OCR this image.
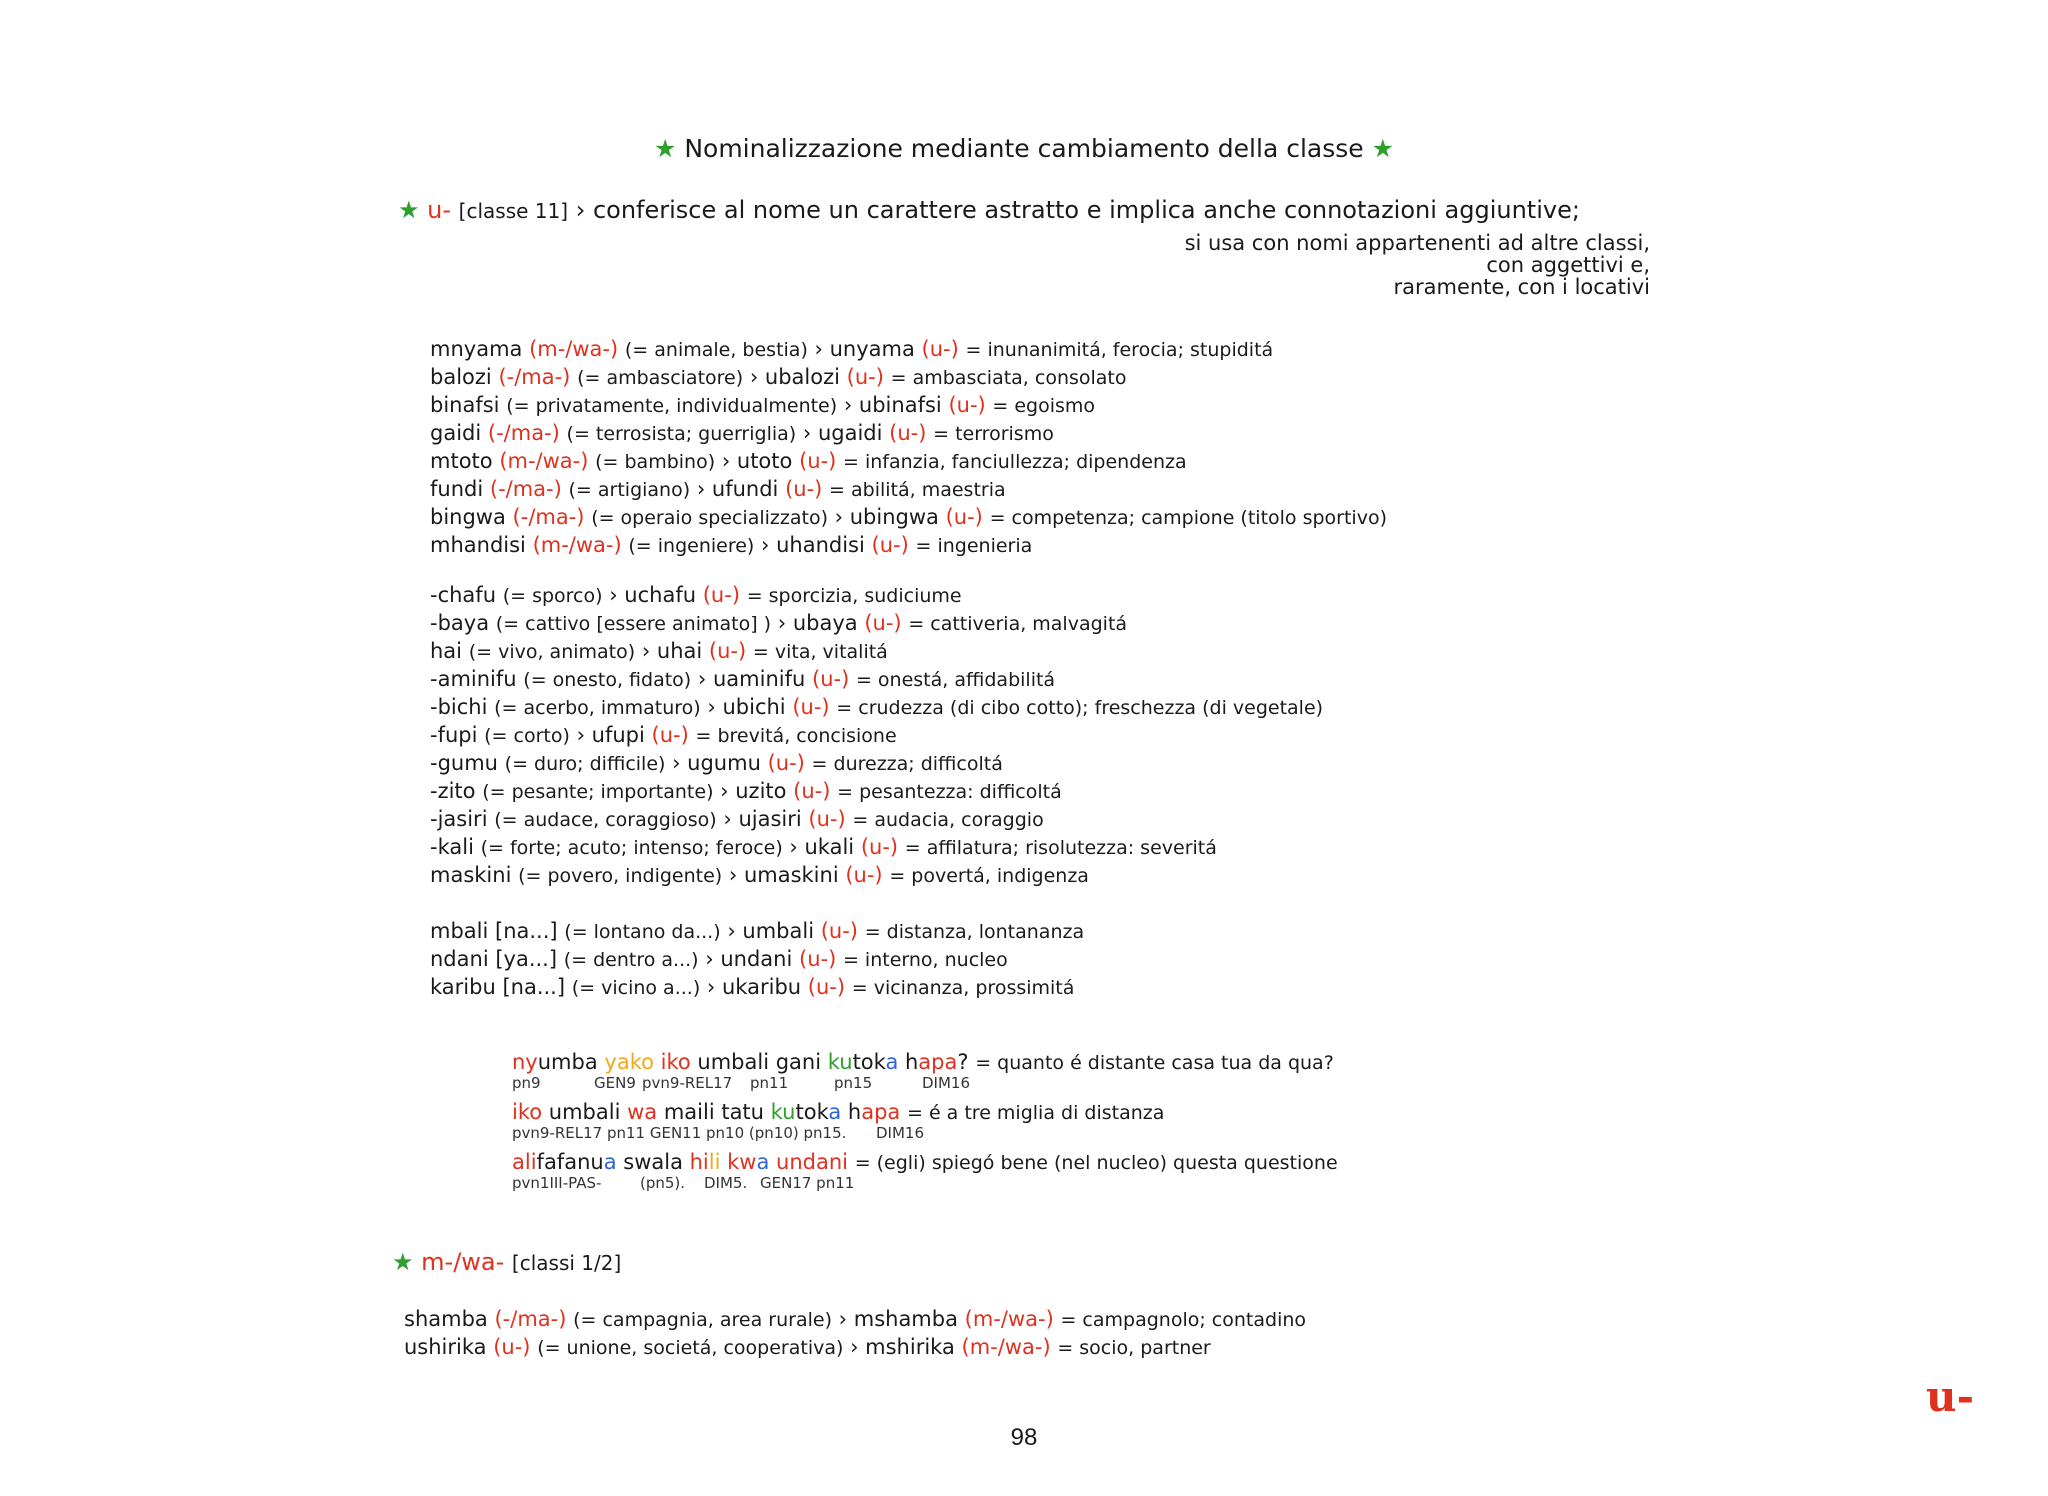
★ Nominalizzazione mediante cambiamento della classe ★
★ u- [classe 11] › conferisce al nome un carattere astratto e implica anche connotazioni aggiuntive;
si usa con nomi appartenenti ad altre classi,
con aggettivi e,
raramente, con i locativi
mnyama (m-/wa-) (= animale, bestia) › unyama (u-) = inunanimitá, ferocia; stupiditá
balozi (-/ma-) (= ambasciatore) › ubalozi (u-) = ambasciata, consolato
binafsi (= privatamente, individualmente) › ubinafsi (u-) = egoismo
gaidi (-/ma-) (= terrosista; guerriglia) › ugaidi (u-) = terrorismo
mtoto (m-/wa-) (= bambino) › utoto (u-) = infanzia, fanciullezza; dipendenza
fundi (-/ma-) (= artigiano) › ufundi (u-) = abilitá, maestria
bingwa (-/ma-) (= operaio specializzato) › ubingwa (u-) = competenza; campione (titolo sportivo)
mhandisi (m-/wa-) (= ingeniere) › uhandisi (u-) = ingenieria
-chafu (= sporco) › uchafu (u-) = sporcizia, sudiciume
-baya (= cattivo [essere animato] ) › ubaya (u-) = cattiveria, malvagitá
hai (= vivo, animato) › uhai (u-) = vita, vitalitá
-aminifu (= onesto, fidato) › uaminifu (u-) = onestá, affidabilitá
-bichi (= acerbo, immaturo) › ubichi (u-) = crudezza (di cibo cotto); freschezza (di vegetale)
-fupi (= corto) › ufupi (u-) = brevitá, concisione
-gumu (= duro; difficile) › ugumu (u-) = durezza; difficoltá
-zito (= pesante; importante) › uzito (u-) = pesantezza: difficoltá
-jasiri (= audace, coraggioso) › ujasiri (u-) = audacia, coraggio
-kali (= forte; acuto; intenso; feroce) › ukali (u-) = affilatura; risolutezza: severitá
maskini (= povero, indigente) › umaskini (u-) = povertá, indigenza
mbali [na...] (= lontano da...) › umbali (u-) = distanza, lontananza
ndani [ya...] (= dentro a...) › undani (u-) = interno, nucleo
karibu [na...] (= vicino a...) › ukaribu (u-) = vicinanza, prossimitá
nyumba yako iko umbali gani kutoka hapa? = quanto é distante casa tua da qua?
pn9	GEN9 pvn9-REL17 pn11	pn15	DIM16
iko umbali wa maili tatu kutoka hapa = é a tre miglia di distanza
pvn9-REL17 pn11 GEN11 pn10 (pn10) pn15. DIM16
alifafanua swala hili kwa undani = (egli) spiegó bene (nel nucleo) questa questione
pvn1III-PAS-	(pn5). DIM5. GEN17 pn11
★ m-/wa- [classi 1/2]
shamba (-/ma-) (= campagnia, area rurale) › mshamba (m-/wa-) = campagnolo; contadino
ushirika (u-) (= unione, societá, cooperativa) › mshirika (m-/wa-) = socio, partner
98
u-
